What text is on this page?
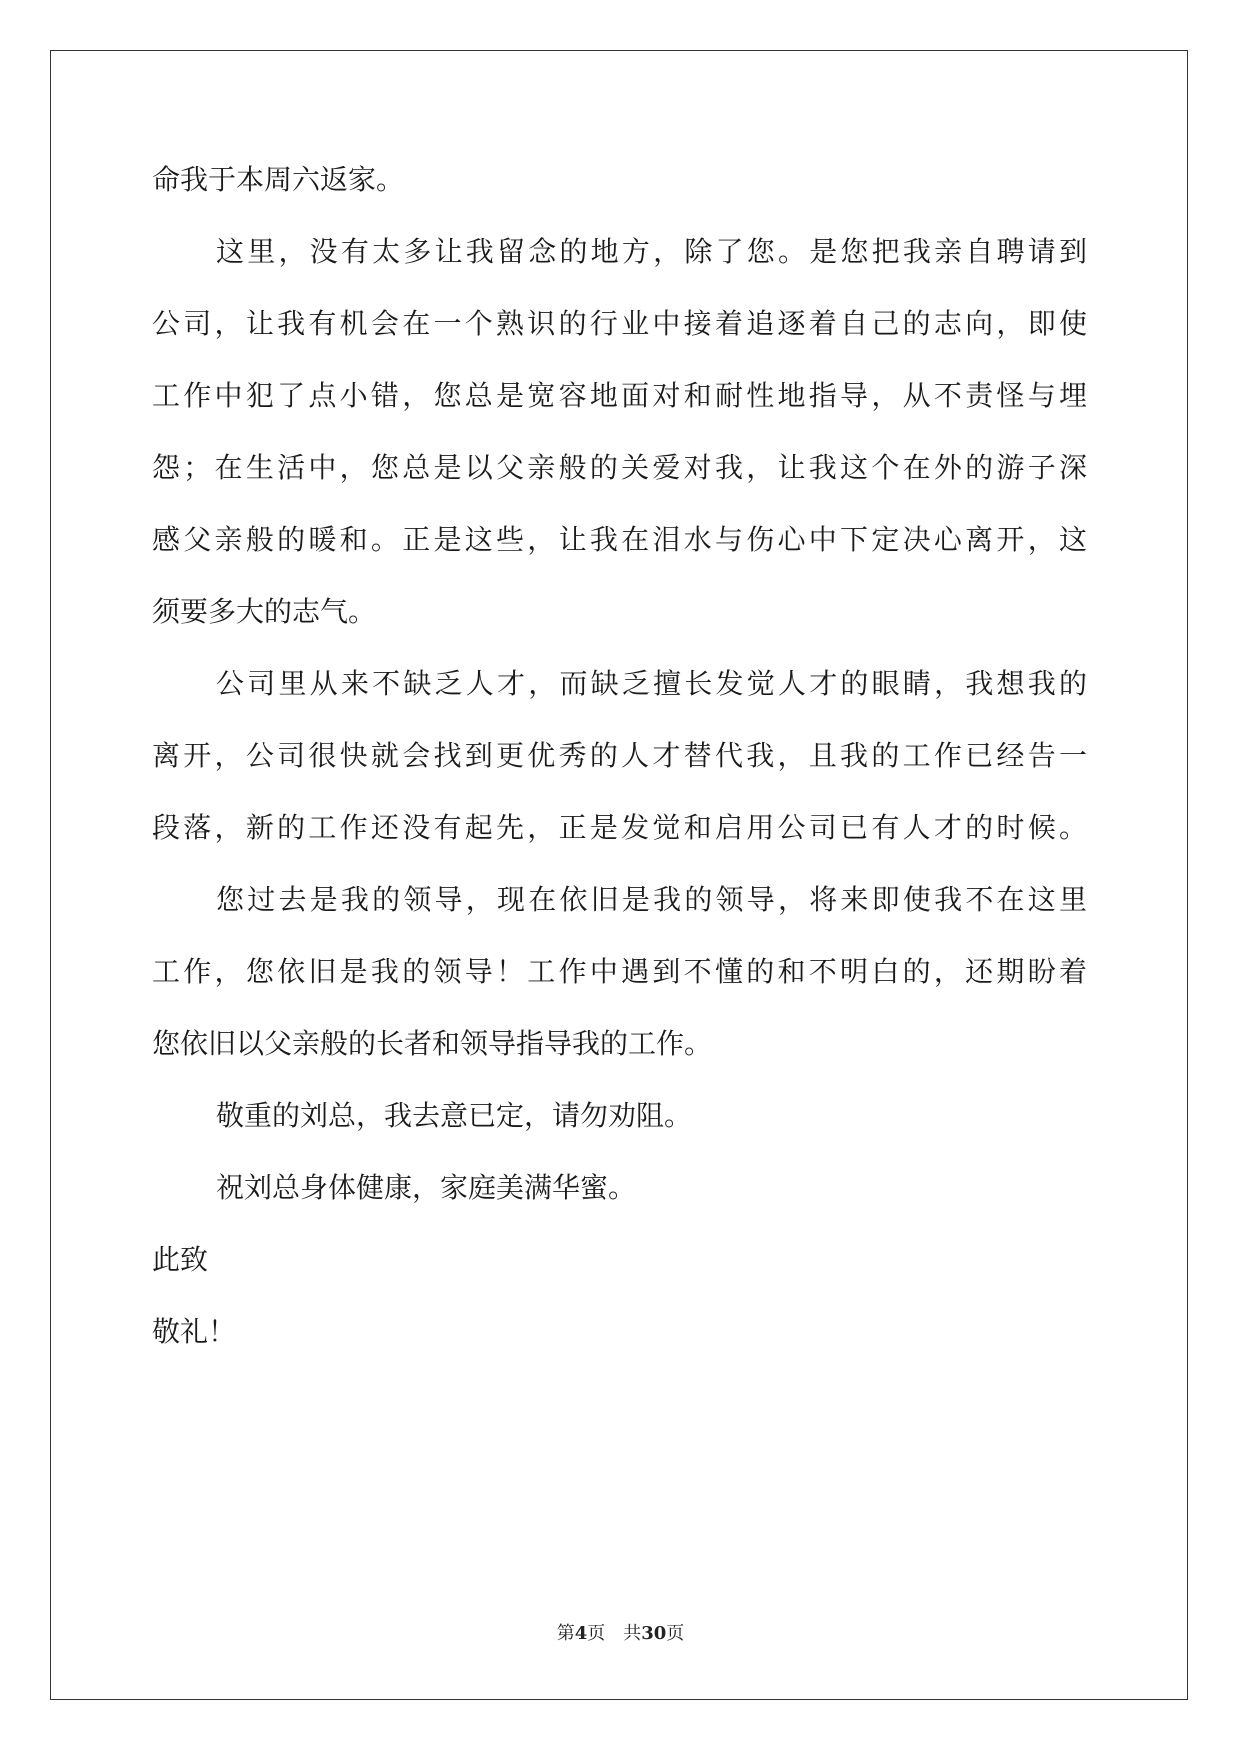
命我于本周六返家。
这里，没有太多让我留念的地方，除了您。是您把我亲自聘请到
公司，让我有机会在一个熟识的行业中接着追逐着自己的志向，即使
工作中犯了点小错，您总是宽容地面对和耐性地指导，从不责怪与埋
怨；在生活中，您总是以父亲般的关爱对我，让我这个在外的游子深
感父亲般的暖和。正是这些，让我在泪水与伤心中下定决心离开，这
须要多大的志气。
公司里从来不缺乏人才，而缺乏擅长发觉人才的眼睛，我想我的
离开，公司很快就会找到更优秀的人才替代我，且我的工作已经告一
段落，新的工作还没有起先，正是发觉和启用公司已有人才的时候。
您过去是我的领导，现在依旧是我的领导，将来即使我不在这里
工作，您依旧是我的领导！工作中遇到不懂的和不明白的，还期盼着
您依旧以父亲般的长者和领导指导我的工作。
敬重的刘总，我去意已定，请勿劝阻。
祝刘总身体健康，家庭美满华蜜。
此致
敬礼！
第4页　共30页
